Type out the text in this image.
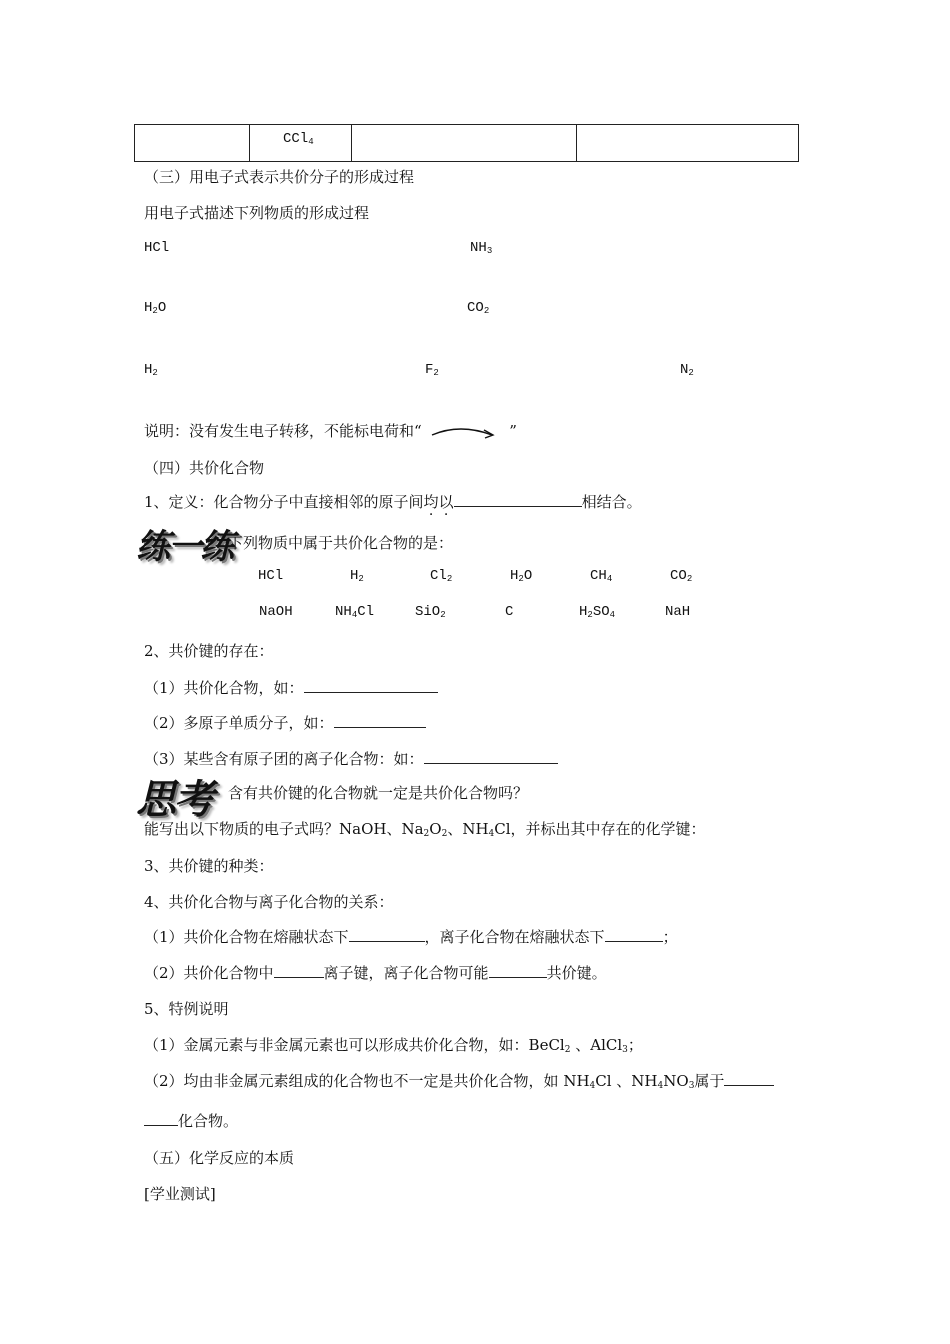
	CCl$_4$		
（三）用电子式表示共价分子的形成过程
用电子式描述下列物质的形成过程
HCl	$NH_3$
$H_2O$	$CO_2$
$H_2$	$F_2$	$N_2$
说明：没有发生电子转移，不能标电荷和“	”
（四）共价化合物
1、定义：化合物分子中直接相邻的原子间均以	相结合。
练一练
下列物质中属于共价化合物的是：
HCl	$H_2$	$Cl_2$	$H_2O$	$CH_4$	$CO_2$
NaOH	$NH_4Cl$	SiO$_2$	C	$H_2SO_4$	NaH
2、共价键的存在：
（1）共价化合物，如：
（2）多原子单质分子，如：
（3）某些含有原子团的离子化合物：如：
思考 含有共价键的化合物就一定是共价化合物吗？
能写出以下物质的电子式吗？NaOH、$Na_2O_2$、$NH_4Cl$，并标出其中存在的化学键：
3、共价键的种类：
4、共价化合物与离子化合物的关系：
（1）共价化合物在熔融状态下	，离子化合物在熔融状态下	；
（2）共价化合物中	离子键，离子化合物可能	共价键。
5、特例说明
（1）金属元素与非金属元素也可以形成共价化合物，如：BeCl$_2$ 、AlCl$_3$；
（2）均由非金属元素组成的化合物也不一定是共价化合物，如 $NH_4Cl$ 、$NH_4NO_3$属于
化合物。
（五）化学反应的本质
[学业测试]
